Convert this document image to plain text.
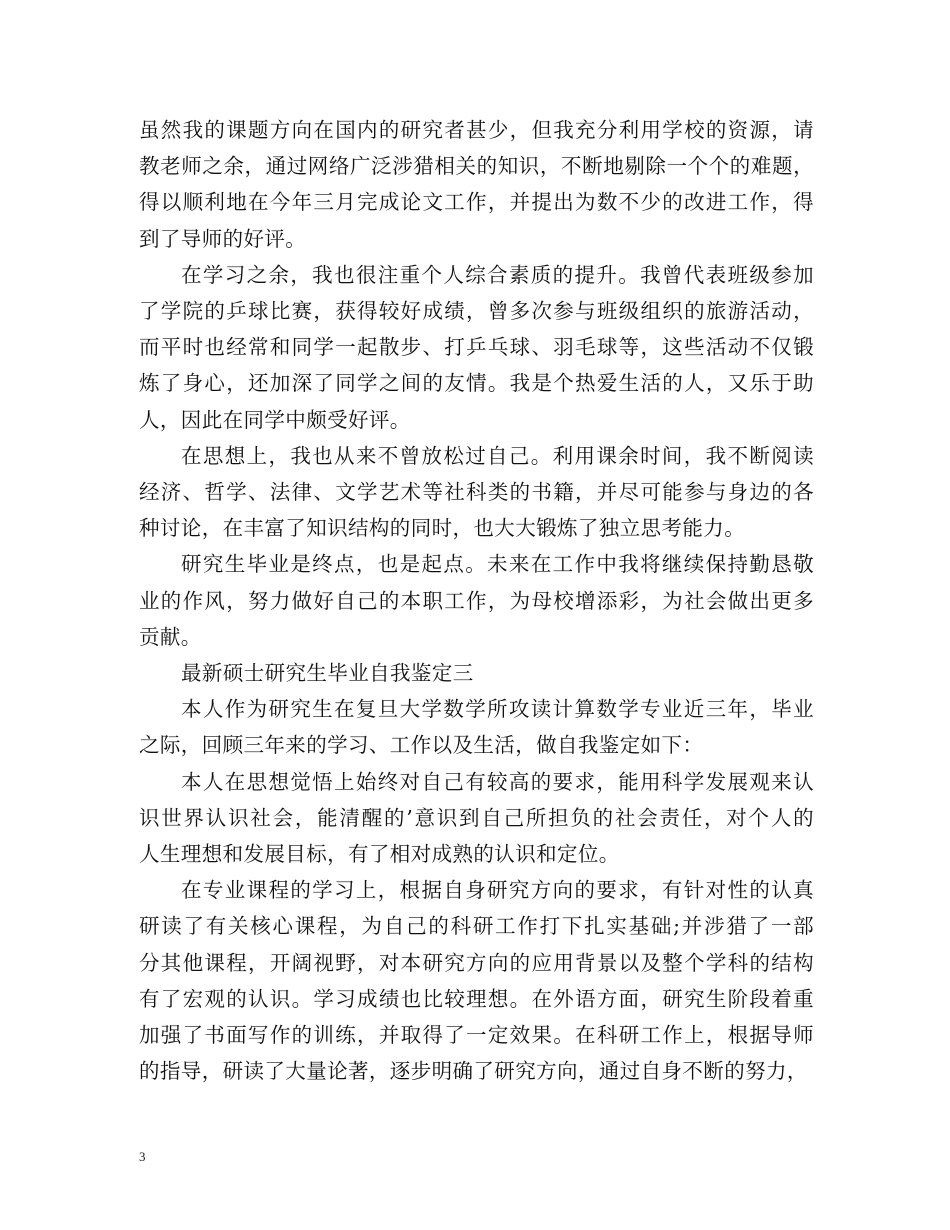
虽然我的课题方向在国内的研究者甚少，但我充分利用学校的资源，请
教老师之余，通过网络广泛涉猎相关的知识，不断地剔除一个个的难题，
得以顺利地在今年三月完成论文工作，并提出为数不少的改进工作，得
到了导师的好评。
在学习之余，我也很注重个人综合素质的提升。我曾代表班级参加
了学院的乒球比赛，获得较好成绩，曾多次参与班级组织的旅游活动，
而平时也经常和同学一起散步、打乒乓球、羽毛球等，这些活动不仅锻
炼了身心，还加深了同学之间的友情。我是个热爱生活的人，又乐于助
人，因此在同学中颇受好评。
在思想上，我也从来不曾放松过自己。利用课余时间，我不断阅读
经济、哲学、法律、文学艺术等社科类的书籍，并尽可能参与身边的各
种讨论，在丰富了知识结构的同时，也大大锻炼了独立思考能力。
研究生毕业是终点，也是起点。未来在工作中我将继续保持勤恳敬
业的作风，努力做好自己的本职工作，为母校增添彩，为社会做出更多
贡献。
最新硕士研究生毕业自我鉴定三
本人作为研究生在复旦大学数学所攻读计算数学专业近三年，毕业
之际，回顾三年来的学习、工作以及生活，做自我鉴定如下：
本人在思想觉悟上始终对自己有较高的要求，能用科学发展观来认
识世界认识社会，能清醒的’意识到自己所担负的社会责任，对个人的
人生理想和发展目标，有了相对成熟的认识和定位。
在专业课程的学习上，根据自身研究方向的要求，有针对性的认真
研读了有关核心课程，为自己的科研工作打下扎实基础;并涉猎了一部
分其他课程，开阔视野，对本研究方向的应用背景以及整个学科的结构
有了宏观的认识。学习成绩也比较理想。在外语方面，研究生阶段着重
加强了书面写作的训练，并取得了一定效果。在科研工作上，根据导师
的指导，研读了大量论著，逐步明确了研究方向，通过自身不断的努力，
3
